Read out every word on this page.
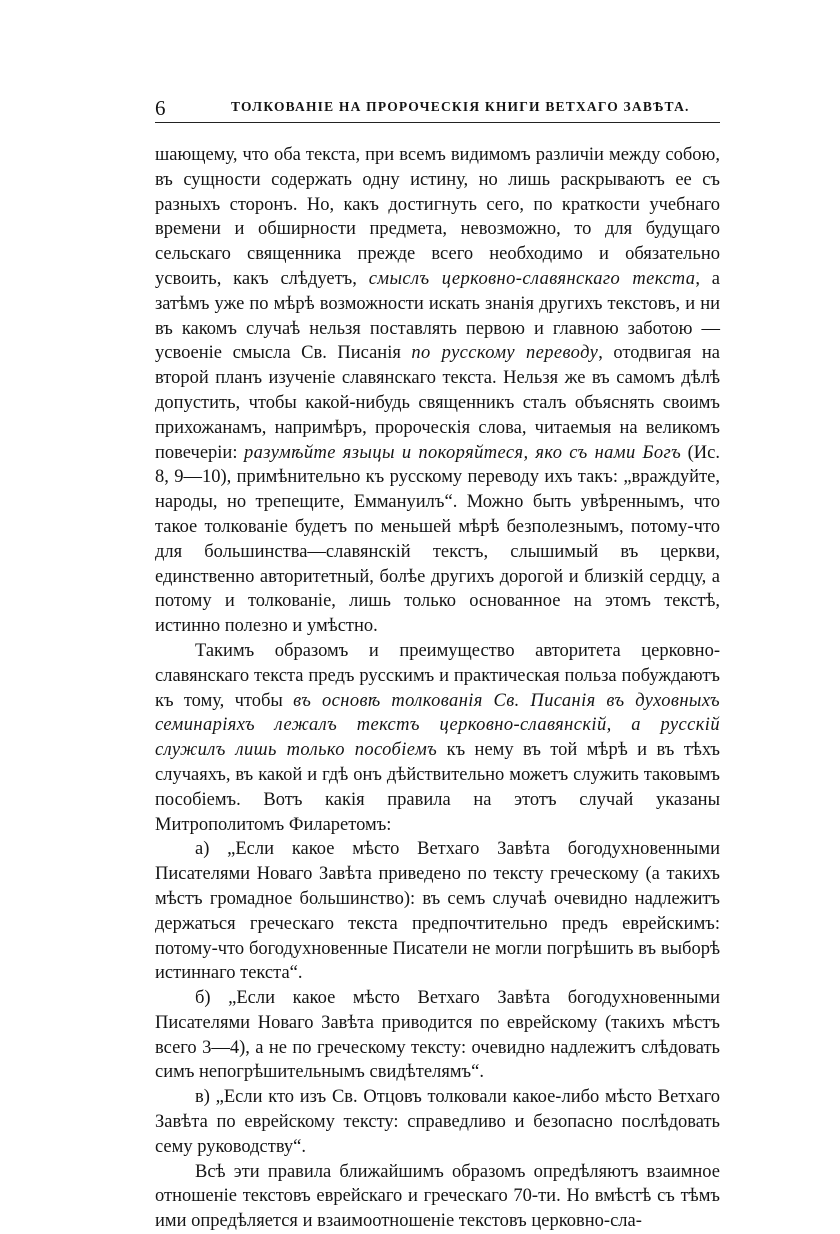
6	ТОЛКОВАНІЕ НА ПРОРОЧЕСКІЯ КНИГИ ВЕТХАГО ЗАВѢТА.

шающему, что оба текста, при всемъ видимомъ различіи между собою, въ сущности содержать одну истину, но лишь раскрываютъ ее съ разныхъ сторонъ. Но, какъ достигнуть сего, по краткости учебнаго времени и обширности предмета, невозможно, то для будущаго сельскаго священника прежде всего необходимо и обязательно усвоить, какъ слѣдуетъ, смыслъ церковно-славянскаго текста, а затѣмъ уже по мѣрѣ возможности искать знанія другихъ текстовъ, и ни въ какомъ случаѣ нельзя поставлять первою и главною заботою — усвоеніе смысла Св. Писанія по русскому переводу, отодвигая на второй планъ изученіе славянскаго текста. Нельзя же въ самомъ дѣлѣ допустить, чтобы какой-нибудь священникъ сталъ объяснять своимъ прихожанамъ, напримѣръ, пророческія слова, читаемыя на великомъ повечеріи: разумѣйте языцы и покоряйтеся, яко съ нами Богъ (Ис. 8, 9—10), примѣнительно къ русскому переводу ихъ такъ: „враждуйте, народы, но трепещите, Еммануилъ“. Можно быть увѣреннымъ, что такое толкованіе будетъ по меньшей мѣрѣ безполезнымъ, потому-что для большинства—славянскій текстъ, слышимый въ церкви, единственно авторитетный, болѣе другихъ дорогой и близкій сердцу, а потому и толкованіе, лишь только основанное на этомъ текстѣ, истинно полезно и умѣстно.

Такимъ образомъ и преимущество авторитета церковно-славянскаго текста предъ русскимъ и практическая польза побуждаютъ къ тому, чтобы въ основѣ толкованія Св. Писанія въ духовныхъ семинаріяхъ лежалъ текстъ церковно-славянскій, а русскій служилъ лишь только пособіемъ къ нему въ той мѣрѣ и въ тѣхъ случаяхъ, въ какой и гдѣ онъ дѣйствительно можетъ служить таковымъ пособіемъ. Вотъ какія правила на этотъ случай указаны Митрополитомъ Филаретомъ:

а) „Если какое мѣсто Ветхаго Завѣта богодухновенными Писателями Новаго Завѣта приведено по тексту греческому (а такихъ мѣстъ громадное большинство): въ семъ случаѣ очевидно надлежитъ держаться греческаго текста предпочтительно предъ еврейскимъ: потому-что богодухновенные Писатели не могли погрѣшить въ выборѣ истиннаго текста“.

б) „Если какое мѣсто Ветхаго Завѣта богодухновенными Писателями Новаго Завѣта приводится по еврейскому (такихъ мѣстъ всего 3—4), а не по греческому тексту: очевидно надлежитъ слѣдовать симъ непогрѣшительнымъ свидѣтелямъ“.

в) „Если кто изъ Св. Отцовъ толковали какое-либо мѣсто Ветхаго Завѣта по еврейскому тексту: справедливо и безопасно послѣдовать сему руководству“.

Всѣ эти правила ближайшимъ образомъ опредѣляютъ взаимное отношеніе текстовъ еврейскаго и греческаго 70-ти. Но вмѣстѣ съ тѣмъ ими опредѣляется и взаимоотношеніе текстовъ церковно-сла-
